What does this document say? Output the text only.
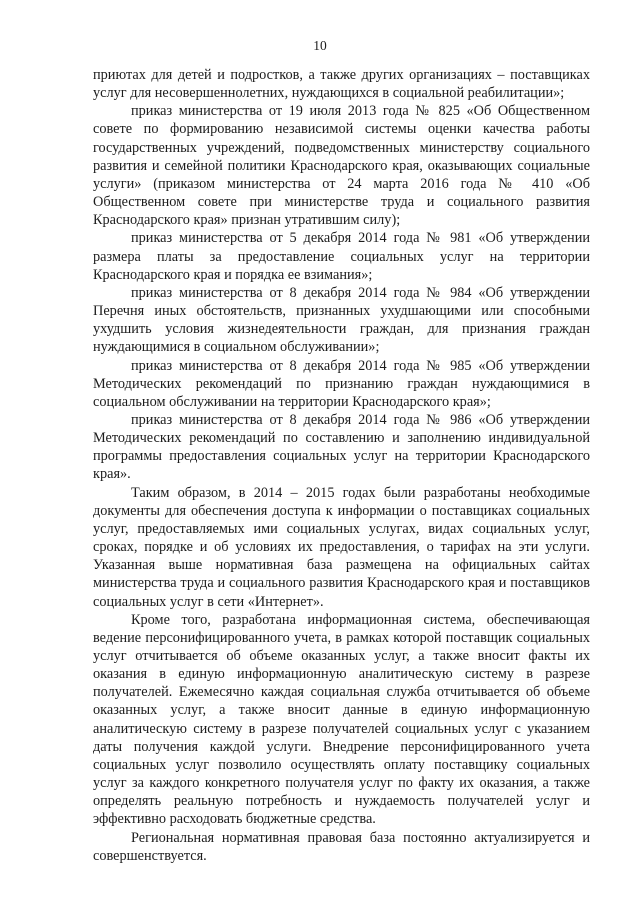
10

приютах для детей и подростков, а также других организациях – поставщиках услуг для несовершеннолетних, нуждающихся в социальной реабилитации»;

приказ министерства от 19 июля 2013 года № 825 «Об Общественном совете по формированию независимой системы оценки качества работы государственных учреждений, подведомственных министерству социального развития и семейной политики Краснодарского края, оказывающих социальные услуги» (приказом министерства от 24 марта 2016 года № 410 «Об Общественном совете при министерстве труда и социального развития Краснодарского края» признан утратившим силу);

приказ министерства от 5 декабря 2014 года № 981 «Об утверждении размера платы за предоставление социальных услуг на территории Краснодарского края и порядка ее взимания»;

приказ министерства от 8 декабря 2014 года № 984 «Об утверждении Перечня иных обстоятельств, признанных ухудшающими или способными ухудшить условия жизнедеятельности граждан, для признания граждан нуждающимися в социальном обслуживании»;

приказ министерства от 8 декабря 2014 года № 985 «Об утверждении Методических рекомендаций по признанию граждан нуждающимися в социальном обслуживании на территории Краснодарского края»;

приказ министерства от 8 декабря 2014 года № 986 «Об утверждении Методических рекомендаций по составлению и заполнению индивидуальной программы предоставления социальных услуг на территории Краснодарского края».

Таким образом, в 2014 – 2015 годах были разработаны необходимые документы для обеспечения доступа к информации о поставщиках социальных услуг, предоставляемых ими социальных услугах, видах социальных услуг, сроках, порядке и об условиях их предоставления, о тарифах на эти услуги. Указанная выше нормативная база размещена на официальных сайтах министерства труда и социального развития Краснодарского края и поставщиков социальных услуг в сети «Интернет».

Кроме того, разработана информационная система, обеспечивающая ведение персонифицированного учета, в рамках которой поставщик социальных услуг отчитывается об объеме оказанных услуг, а также вносит факты их оказания в единую информационную аналитическую систему в разрезе получателей. Ежемесячно каждая социальная служба отчитывается об объеме оказанных услуг, а также вносит данные в единую информационную аналитическую систему в разрезе получателей социальных услуг с указанием даты получения каждой услуги. Внедрение персонифицированного учета социальных услуг позволило осуществлять оплату поставщику социальных услуг за каждого конкретного получателя услуг по факту их оказания, а также определять реальную потребность и нуждаемость получателей услуг и эффективно расходовать бюджетные средства.

Региональная нормативная правовая база постоянно актуализируется и совершенствуется.
